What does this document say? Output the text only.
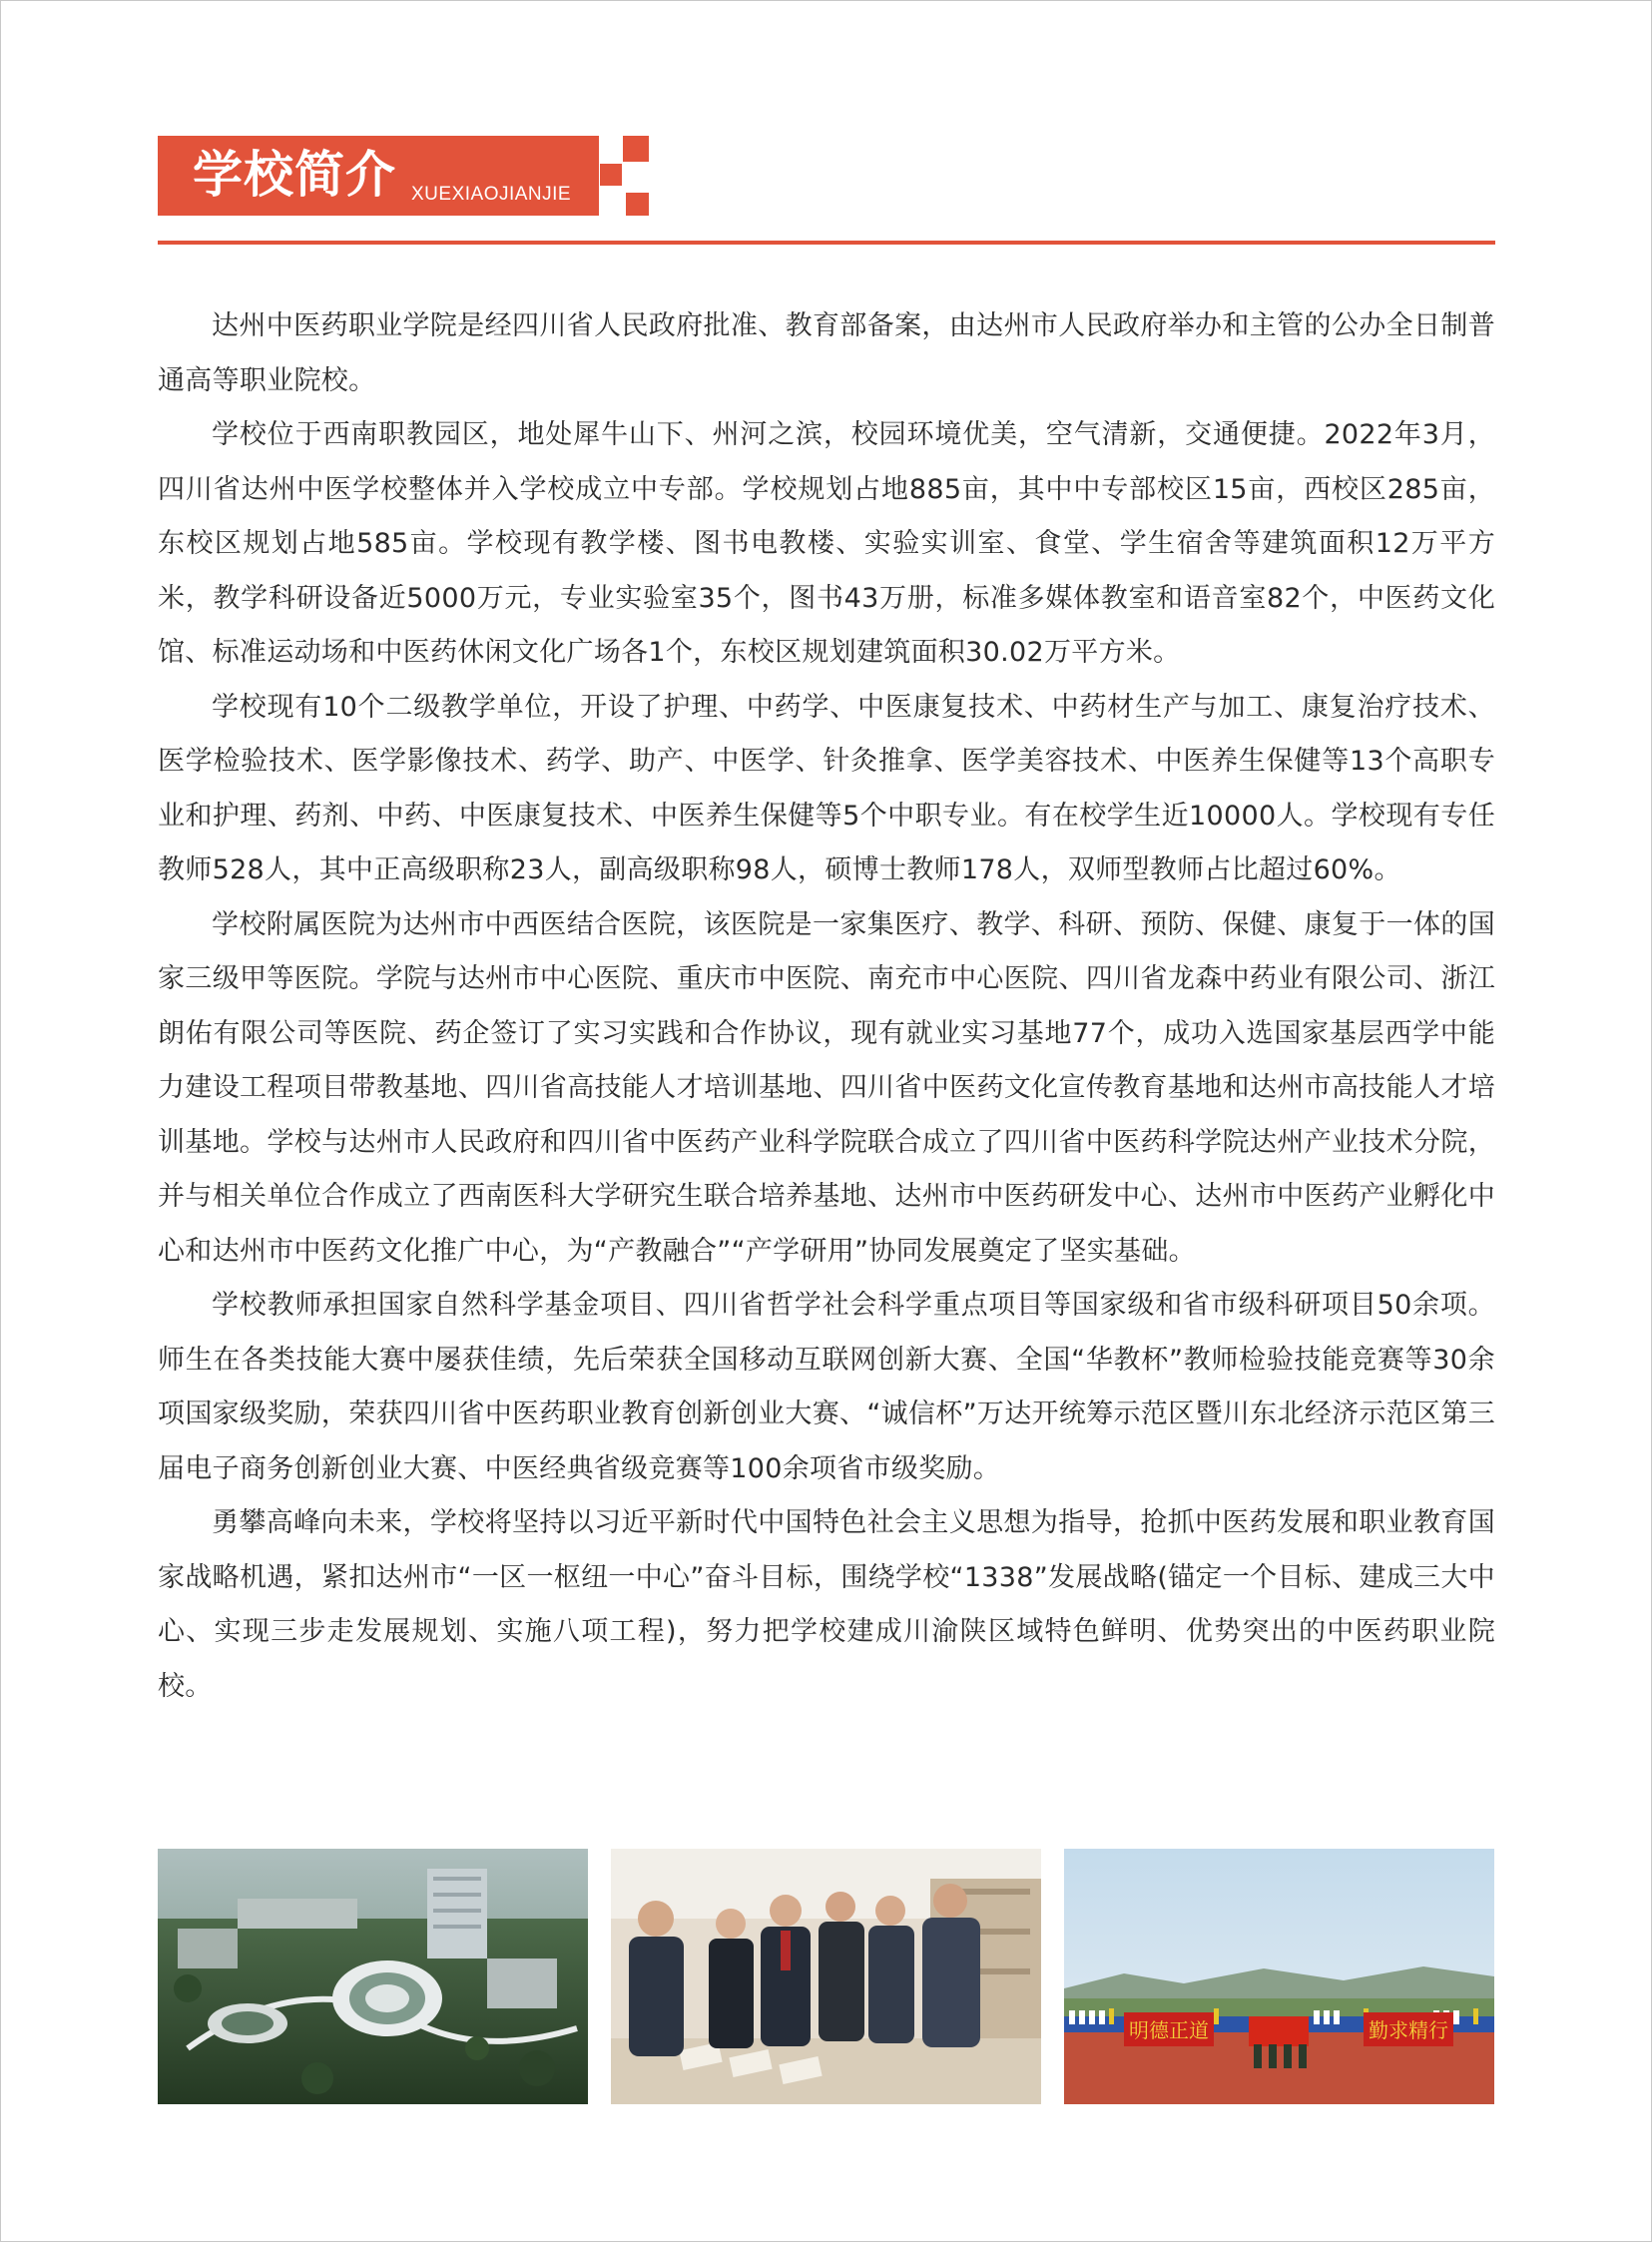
学校简介 XUEXIAOJIANJIE

达州中医药职业学院是经四川省人民政府批准、教育部备案，由达州市人民政府举办和主管的公办全日制普通高等职业院校。

学校位于西南职教园区，地处犀牛山下、州河之滨，校园环境优美，空气清新，交通便捷。2022年3月，四川省达州中医学校整体并入学校成立中专部。学校规划占地885亩，其中中专部校区15亩，西校区285亩，东校区规划占地585亩。学校现有教学楼、图书电教楼、实验实训室、食堂、学生宿舍等建筑面积12万平方米，教学科研设备近5000万元，专业实验室35个，图书43万册，标准多媒体教室和语音室82个，中医药文化馆、标准运动场和中医药休闲文化广场各1个，东校区规划建筑面积30.02万平方米。

学校现有10个二级教学单位，开设了护理、中药学、中医康复技术、中药材生产与加工、康复治疗技术、医学检验技术、医学影像技术、药学、助产、中医学、针灸推拿、医学美容技术、中医养生保健等13个高职专业和护理、药剂、中药、中医康复技术、中医养生保健等5个中职专业。有在校学生近10000人。学校现有专任教师528人，其中正高级职称23人，副高级职称98人，硕博士教师178人，双师型教师占比超过60%。

学校附属医院为达州市中西医结合医院，该医院是一家集医疗、教学、科研、预防、保健、康复于一体的国家三级甲等医院。学院与达州市中心医院、重庆市中医院、南充市中心医院、四川省龙森中药业有限公司、浙江朗佑有限公司等医院、药企签订了实习实践和合作协议，现有就业实习基地77个，成功入选国家基层西学中能力建设工程项目带教基地、四川省高技能人才培训基地、四川省中医药文化宣传教育基地和达州市高技能人才培训基地。学校与达州市人民政府和四川省中医药产业科学院联合成立了四川省中医药科学院达州产业技术分院，并与相关单位合作成立了西南医科大学研究生联合培养基地、达州市中医药研发中心、达州市中医药产业孵化中心和达州市中医药文化推广中心，为“产教融合”“产学研用”协同发展奠定了坚实基础。

学校教师承担国家自然科学基金项目、四川省哲学社会科学重点项目等国家级和省市级科研项目50余项。师生在各类技能大赛中屡获佳绩，先后荣获全国移动互联网创新大赛、全国“华教杯”教师检验技能竞赛等30余项国家级奖励，荣获四川省中医药职业教育创新创业大赛、“诚信杯”万达开统筹示范区暨川东北经济示范区第三届电子商务创新创业大赛、中医经典省级竞赛等100余项省市级奖励。

勇攀高峰向未来，学校将坚持以习近平新时代中国特色社会主义思想为指导，抢抓中医药发展和职业教育国家战略机遇，紧扣达州市“一区一枢纽一中心”奋斗目标，围绕学校“1338”发展战略(锚定一个目标、建成三大中心、实现三步走发展规划、实施八项工程)，努力把学校建成川渝陕区域特色鲜明、优势突出的中医药职业院校。

明德正道	勤求精行
